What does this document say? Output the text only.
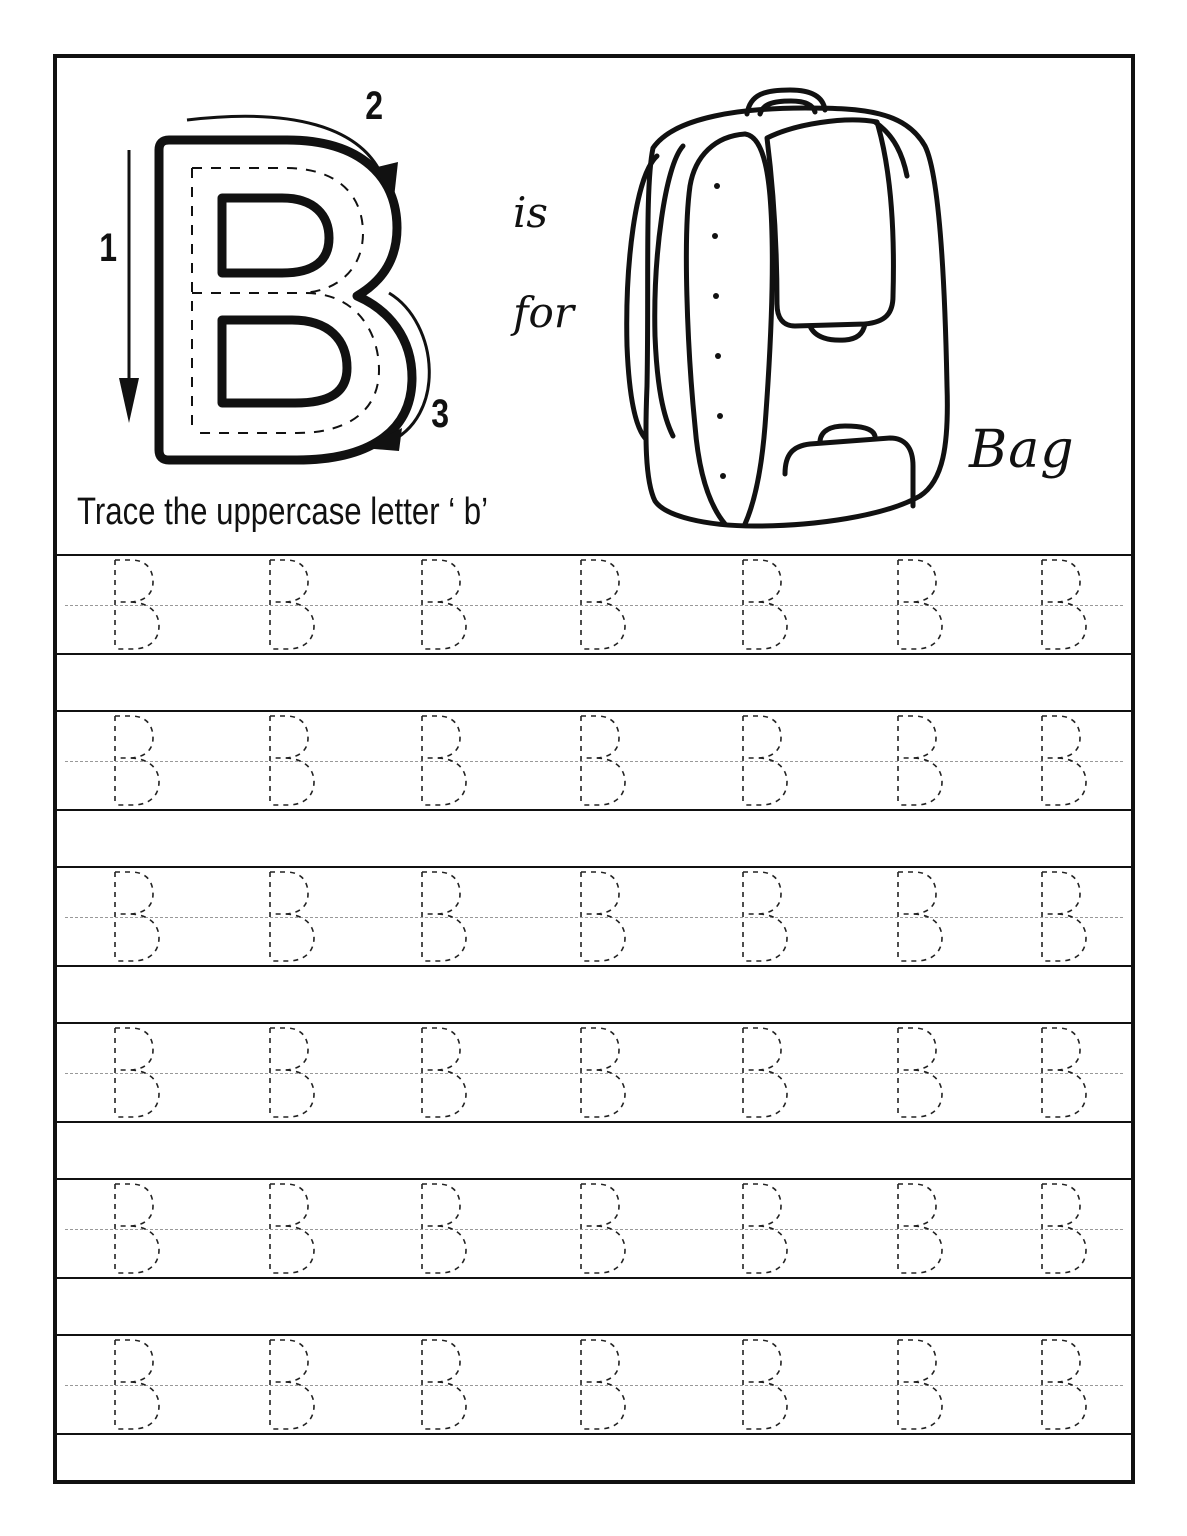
1
2
3
is
for
Bag
Trace the uppercase letter ‘ b’
